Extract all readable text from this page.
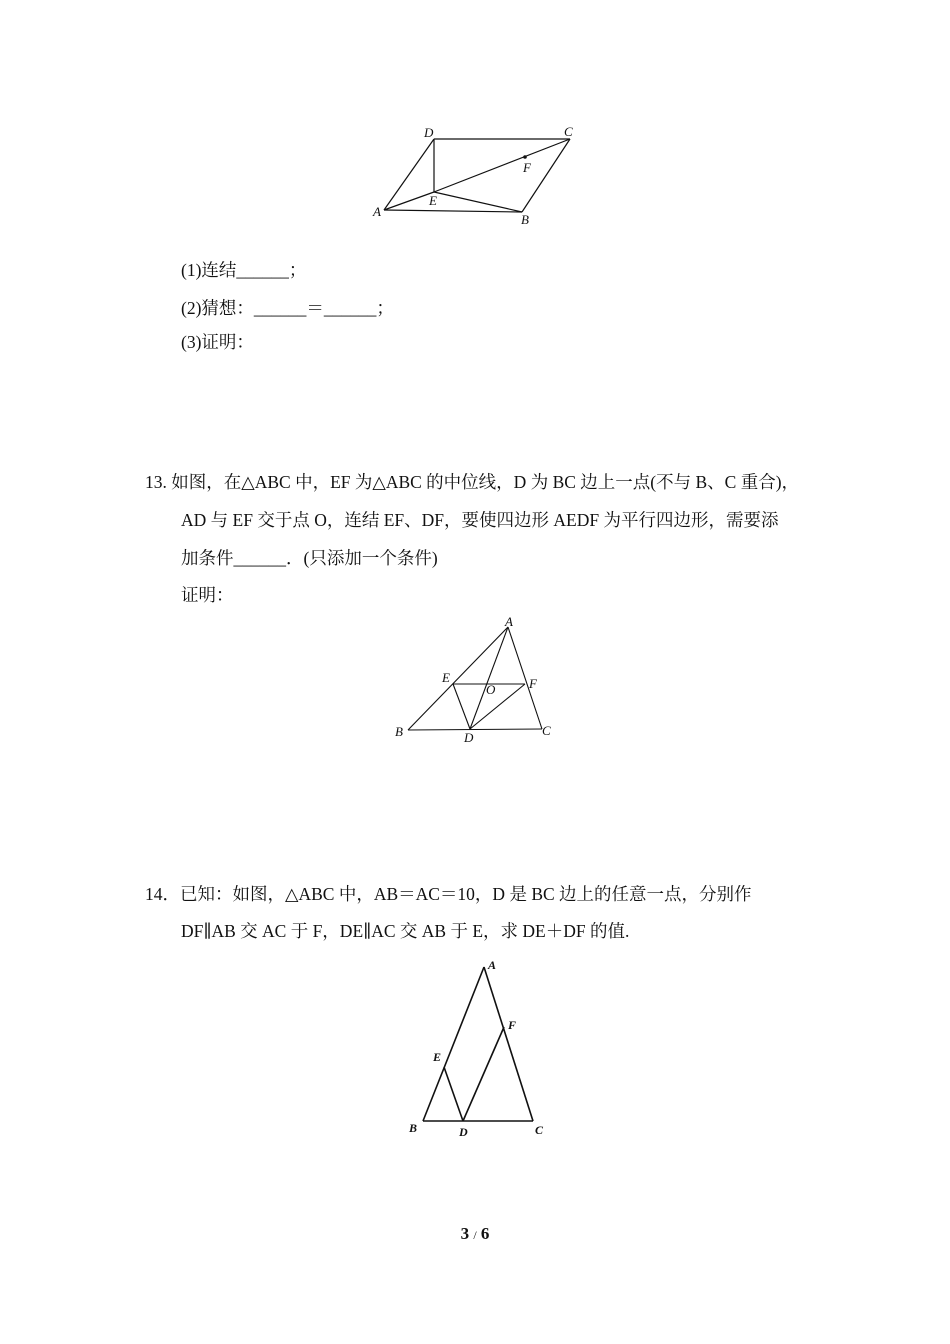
D	C
F
E
A
B
(1)连结______；
(2)猜想：______＝______；
(3)证明：
13. 如图，在△ABC 中，EF 为△ABC 的中位线，D 为 BC 边上一点(不与 B、C 重合)，
AD 与 EF 交于点 O，连结 EF、DF，要使四边形 AEDF 为平行四边形，需要添
加条件______．(只添加一个条件)
证明：
A
E
O	F
B	D	C
14．已知：如图，△ABC 中，AB＝AC＝10，D 是 BC 边上的任意一点，分别作
DF∥AB 交 AC 于 F，DE∥AC 交 AB 于 E，求 DE＋DF 的值.
A
F
E
B	D	C
3 / 6
